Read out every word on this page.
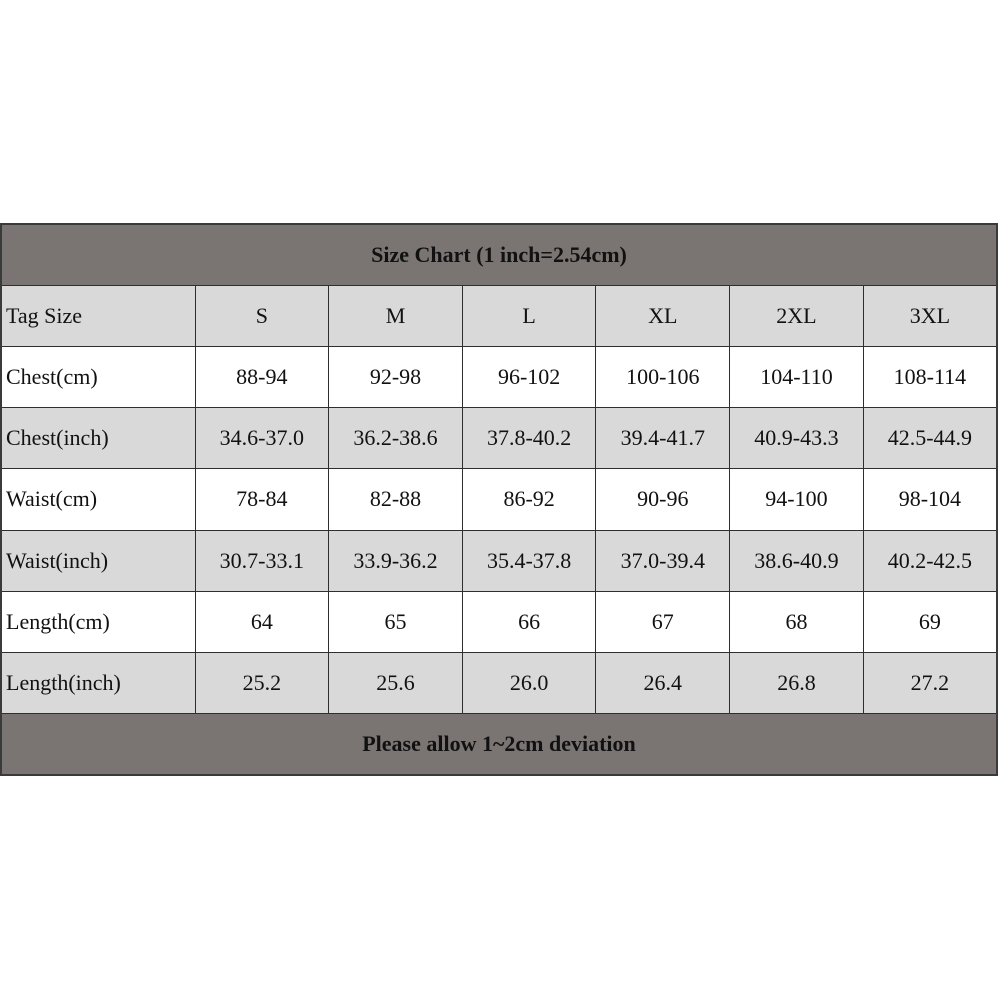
Size Chart (1 inch=2.54cm)						
Tag Size	S	M	L	XL	2XL	3XL
Chest(cm)	88-94	92-98	96-102	100-106	104-110	108-114
Chest(inch)	34.6-37.0	36.2-38.6	37.8-40.2	39.4-41.7	40.9-43.3	42.5-44.9
Waist(cm)	78-84	82-88	86-92	90-96	94-100	98-104
Waist(inch)	30.7-33.1	33.9-36.2	35.4-37.8	37.0-39.4	38.6-40.9	40.2-42.5
Length(cm)	64	65	66	67	68	69
Length(inch)	25.2	25.6	26.0	26.4	26.8	27.2
Please allow 1~2cm deviation						
